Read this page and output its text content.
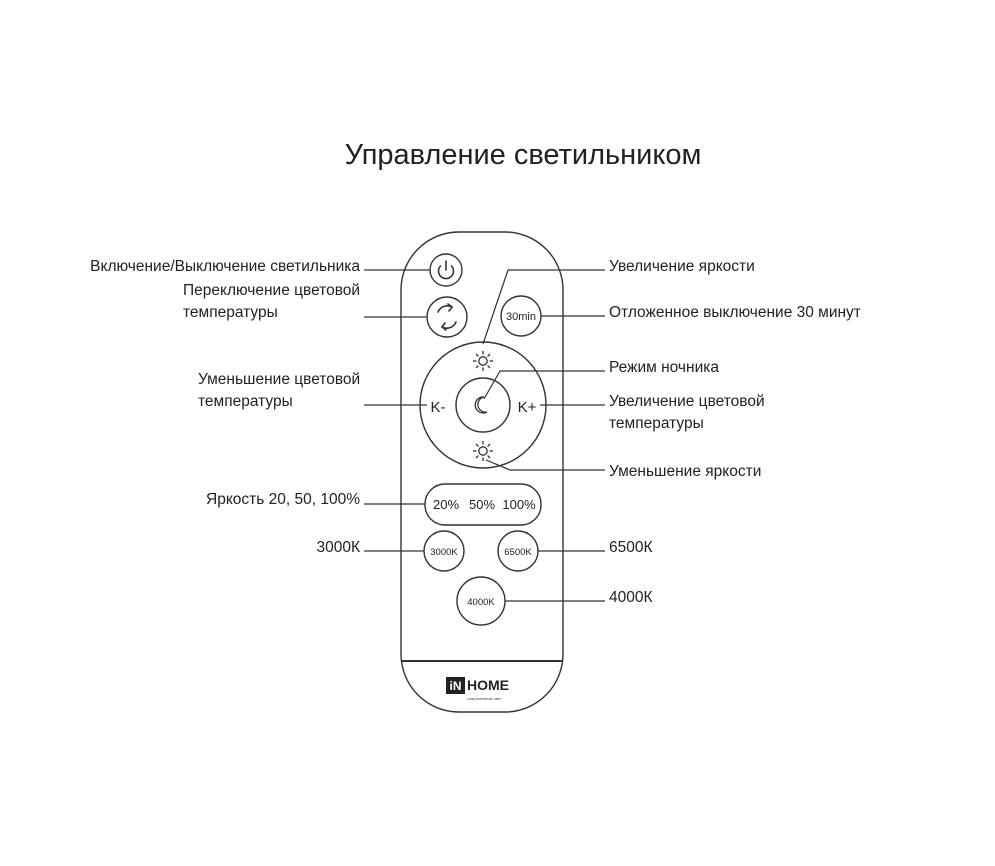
Управление светильником
30min
K-	K+
20% 50% 100%
3000K	6500K
4000K
iN HOME
современный свет
Включение/Выключение светильника
Переключение цветовой
температуры
Уменьшение цветовой
температуры
Яркость 20, 50, 100%
3000К
Увеличение яркости
Отложенное выключение 30 минут
Режим ночника
Увеличение цветовой
температуры
Уменьшение яркости
6500К
4000К
